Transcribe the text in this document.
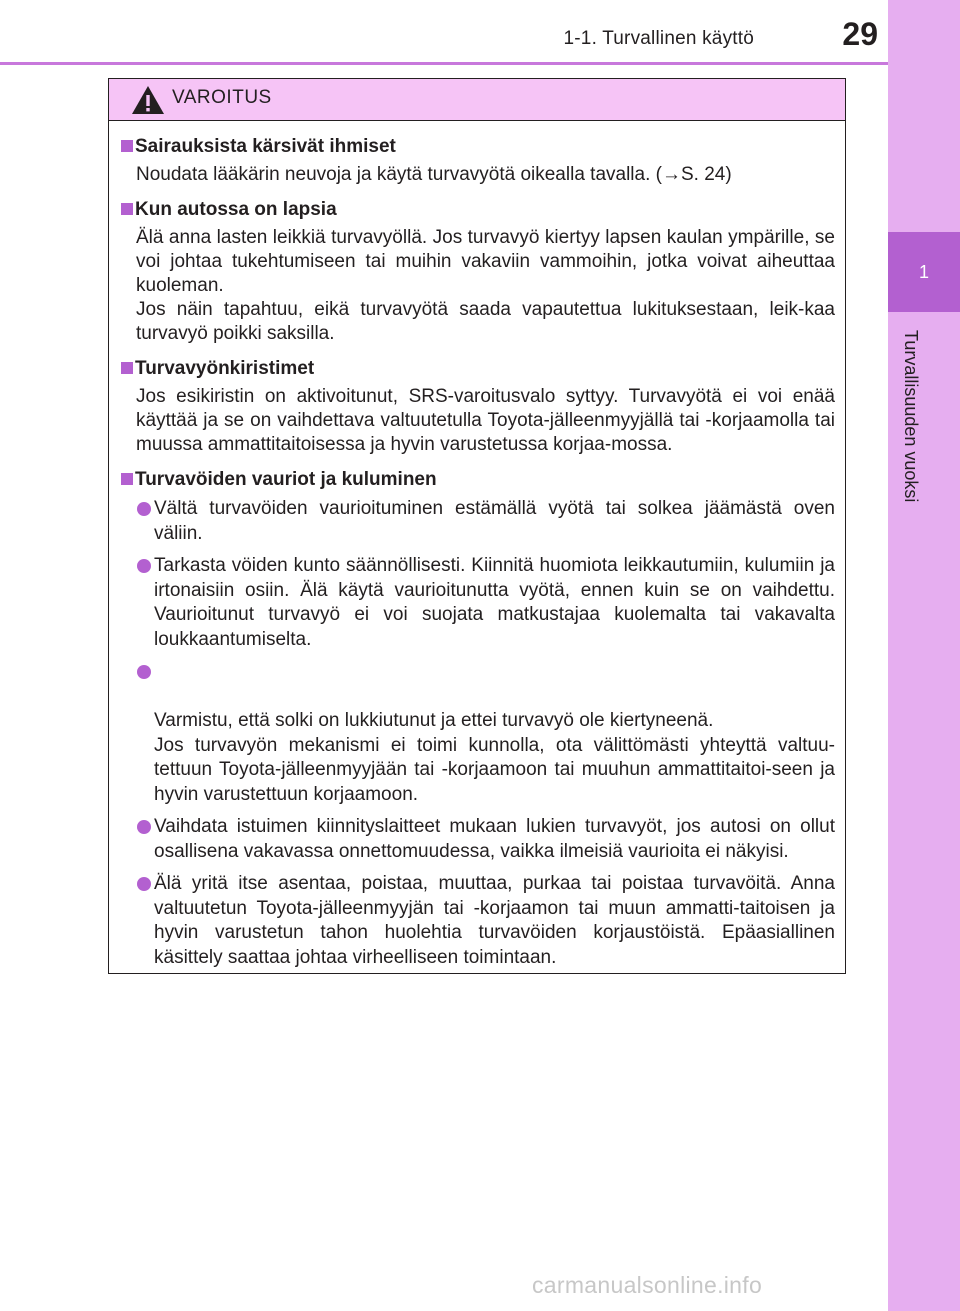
1-1. Turvallinen käyttö	29
1
Turvallisuuden vuoksi
VAROITUS
Sairauksista kärsivät ihmiset
Noudata lääkärin neuvoja ja käytä turvavyötä oikealla tavalla. (→S. 24)
Kun autossa on lapsia
Älä anna lasten leikkiä turvavyöllä. Jos turvavyö kiertyy lapsen kaulan ympärille, se voi johtaa tukehtumiseen tai muihin vakaviin vammoihin, jotka voivat aiheuttaa kuoleman.
Jos näin tapahtuu, eikä turvavyötä saada vapautettua lukituksestaan, leik-kaa turvavyö poikki saksilla.
Turvavyönkiristimet
Jos esikiristin on aktivoitunut, SRS-varoitusvalo syttyy. Turvavyötä ei voi enää käyttää ja se on vaihdettava valtuutetulla Toyota-jälleenmyyjällä tai -korjaamolla tai muussa ammattitaitoisessa ja hyvin varustetussa korjaa-mossa.
Turvavöiden vauriot ja kuluminen
Vältä turvavöiden vaurioituminen estämällä vyötä tai solkea jäämästä oven väliin.
Tarkasta vöiden kunto säännöllisesti. Kiinnitä huomiota leikkautumiin, kulumiin ja irtonaisiin osiin. Älä käytä vaurioitunutta vyötä, ennen kuin se on vaihdettu. Vaurioitunut turvavyö ei voi suojata matkustajaa kuolemalta tai vakavalta loukkaantumiselta.

Varmistu, että solki on lukkiutunut ja ettei turvavyö ole kiertyneenä.
Jos turvavyön mekanismi ei toimi kunnolla, ota välittömästi yhteyttä valtuu-tettuun Toyota-jälleenmyyjään tai -korjaamoon tai muuhun ammattitaitoi-seen ja hyvin varustettuun korjaamoon.

Vaihdata istuimen kiinnityslaitteet mukaan lukien turvavyöt, jos autosi on ollut osallisena vakavassa onnettomuudessa, vaikka ilmeisiä vaurioita ei näkyisi.
Älä yritä itse asentaa, poistaa, muuttaa, purkaa tai poistaa turvavöitä. Anna valtuutetun Toyota-jälleenmyyjän tai -korjaamon tai muun ammatti-taitoisen ja hyvin varustetun tahon huolehtia turvavöiden korjaustöistä. Epäasiallinen käsittely saattaa johtaa virheelliseen toimintaan.
carmanualsonline.info
